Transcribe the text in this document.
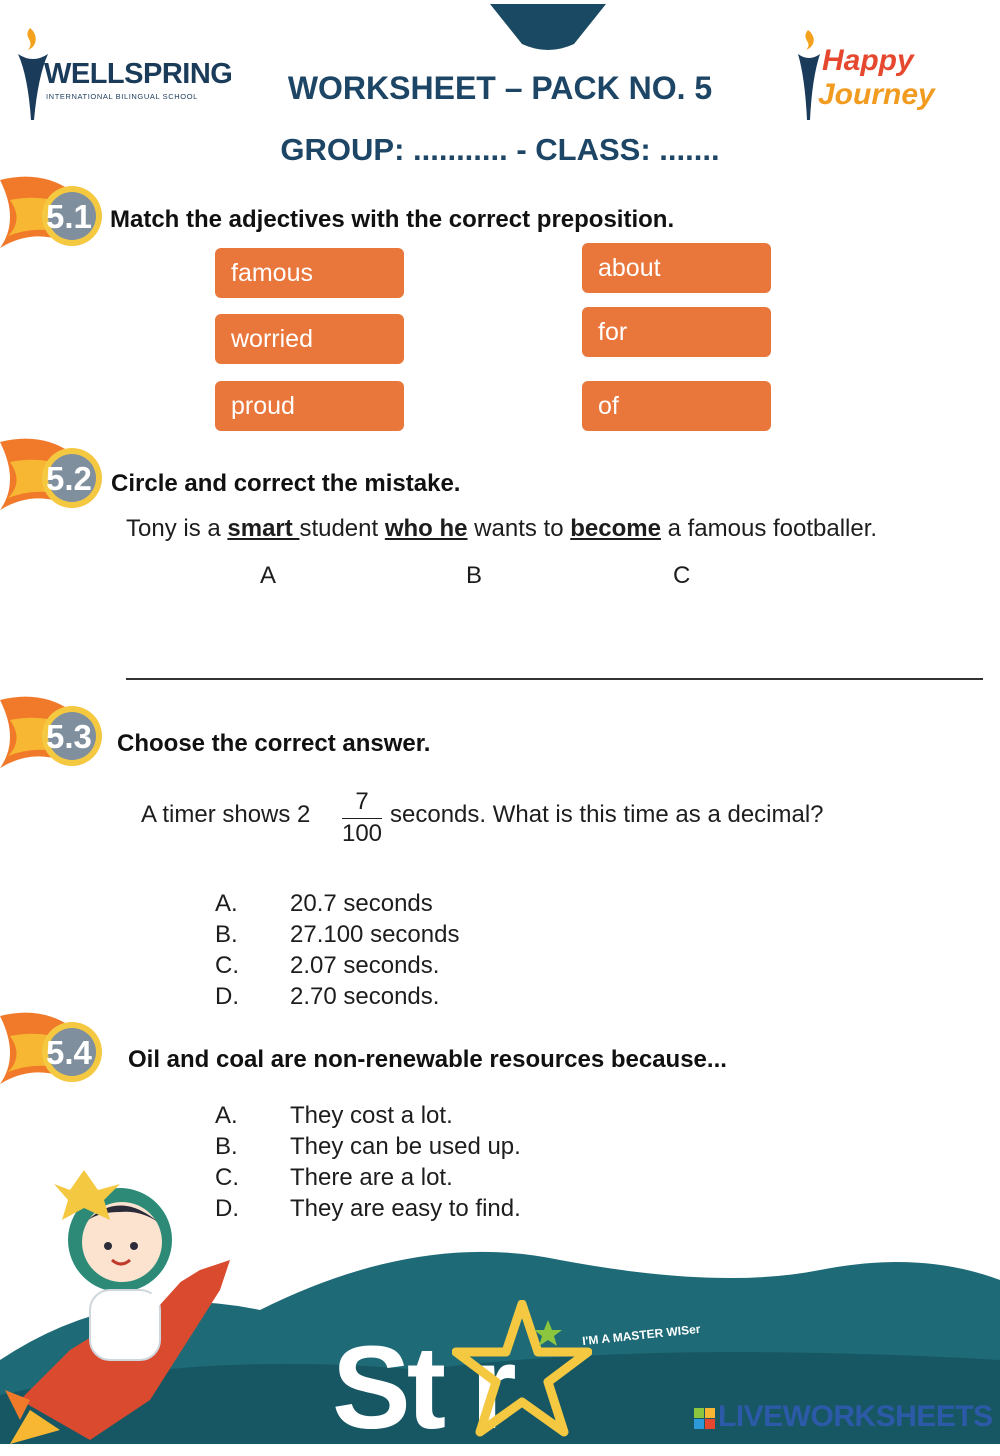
WELLSPRING
INTERNATIONAL BILINGUAL SCHOOL
Happy
Journey
WORKSHEET – PACK NO. 5
GROUP: ........... - CLASS: .......
5.1 Match the adjectives with the correct preposition.
famous
worried
proud
about
for
of
5.2 Circle and correct the mistake.
Tony is a smart student who he wants to become a famous footballer.
A	B	C
5.3 Choose the correct answer.
A timer shows 2	7
100
seconds. What is this time as a decimal?
A. 20.7 seconds
B. 27.100 seconds
C. 2.07 seconds.
D. 2.70 seconds.
5.4 Oil and coal are non-renewable resources because...
A. They cost a lot.
B. They can be used up.
C. There are a lot.
D. They are easy to find.
St r	I'M A MASTER WISer
LIVEWORKSHEETS
